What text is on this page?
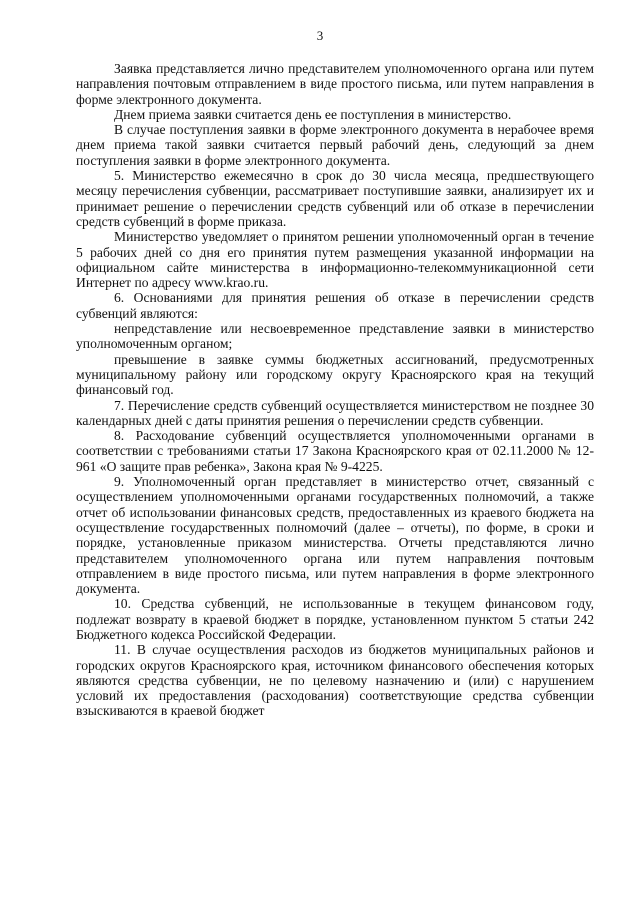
3

Заявка представляется лично представителем уполномоченного органа или путем направления почтовым отправлением в виде простого письма, или путем направления в форме электронного документа.

Днем приема заявки считается день ее поступления в министерство.

В случае поступления заявки в форме электронного документа в нерабочее время днем приема такой заявки считается первый рабочий день, следующий за днем поступления заявки в форме электронного документа.

5. Министерство ежемесячно в срок до 30 числа месяца, предшествующего месяцу перечисления субвенции, рассматривает поступившие заявки, анализирует их и принимает решение о перечислении средств субвенций или об отказе в перечислении средств субвенций в форме приказа.

Министерство уведомляет о принятом решении уполномоченный орган в течение 5 рабочих дней со дня его принятия путем размещения указанной информации на официальном сайте министерства в информационно-телекоммуникационной сети Интернет по адресу www.krao.ru.

6. Основаниями для принятия решения об отказе в перечислении средств субвенций являются:

непредставление или несвоевременное представление заявки в министерство уполномоченным органом;

превышение в заявке суммы бюджетных ассигнований, предусмотренных муниципальному району или городскому округу Красноярского края на текущий финансовый год.

7. Перечисление средств субвенций осуществляется министерством не позднее 30 календарных дней с даты принятия решения о перечислении средств субвенции.

8. Расходование субвенций осуществляется уполномоченными органами в соответствии с требованиями статьи 17 Закона Красноярского края от 02.11.2000 № 12-961 «О защите прав ребенка», Закона края № 9-4225.

9. Уполномоченный орган представляет в министерство отчет, связанный с осуществлением уполномоченными органами государственных полномочий, а также отчет об использовании финансовых средств, предоставленных из краевого бюджета на осуществление государственных полномочий (далее – отчеты), по форме, в сроки и порядке, установленные приказом министерства. Отчеты представляются лично представителем уполномоченного органа или путем направления почтовым отправлением в виде простого письма, или путем направления в форме электронного документа.

10. Средства субвенций, не использованные в текущем финансовом году, подлежат возврату в краевой бюджет в порядке, установленном пунктом 5 статьи 242 Бюджетного кодекса Российской Федерации.

11. В случае осуществления расходов из бюджетов муниципальных районов и городских округов Красноярского края, источником финансового обеспечения которых являются средства субвенции, не по целевому назначению и (или) с нарушением условий их предоставления (расходования) соответствующие средства субвенции взыскиваются в краевой бюджет
